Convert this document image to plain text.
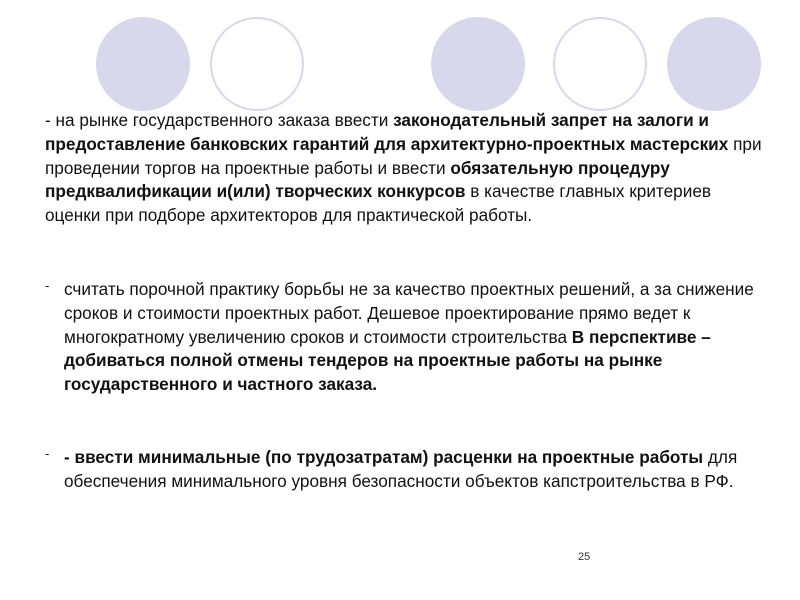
- на рынке государственного заказа ввести законодательный запрет на залоги и предоставление банковских гарантий для архитектурно-проектных мастерских при проведении торгов на проектные работы и ввести обязательную процедуру предквалификации и(или) творческих конкурсов в качестве главных критериев оценки при подборе архитекторов для практической работы.
- считать порочной практику борьбы не за качество проектных решений, а за снижение сроков и стоимости проектных работ. Дешевое проектирование прямо ведет к многократному увеличению сроков и стоимости строительства В перспективе – добиваться полной отмены тендеров на проектные работы на рынке государственного и частного заказа.
- - ввести минимальные (по трудозатратам) расценки на проектные работы для обеспечения минимального уровня безопасности объектов капстроительства в РФ.
25
